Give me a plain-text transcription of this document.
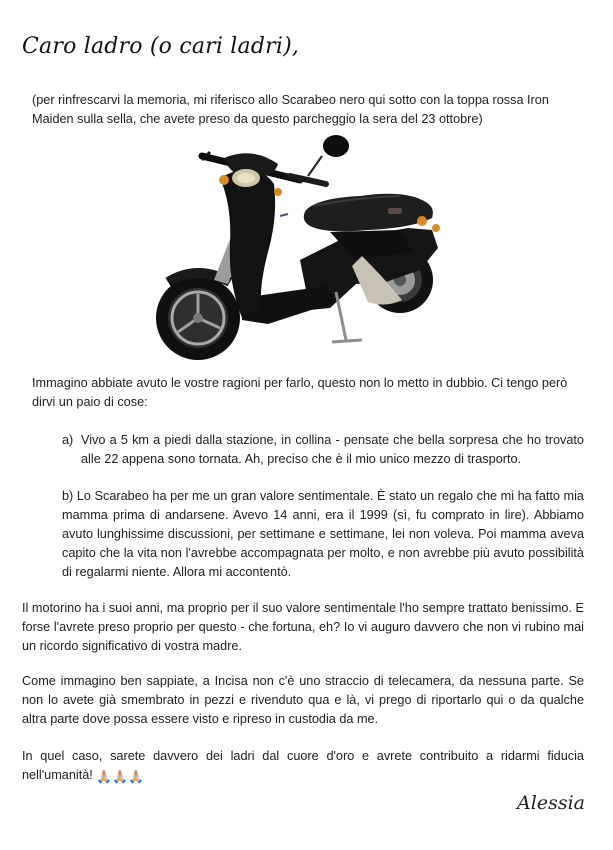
Caro ladro (o cari ladri),
(per rinfrescarvi la memoria, mi riferisco allo Scarabeo nero qui sotto con la toppa rossa Iron Maiden sulla sella, che avete preso da questo parcheggio la sera del 23 ottobre)
Immagino abbiate avuto le vostre ragioni per farlo, questo non lo metto in dubbio. Ci tengo però dirvi un paio di cose:
a) Vivo a 5 km a piedi dalla stazione, in collina - pensate che bella sorpresa che ho trovato alle 22 appena sono tornata. Ah, preciso che è il mio unico mezzo di trasporto.
b) Lo Scarabeo ha per me un gran valore sentimentale. È stato un regalo che mi ha fatto mia mamma prima di andarsene. Avevo 14 anni, era il 1999 (sì, fu comprato in lire). Abbiamo avuto lunghissime discussioni, per settimane e settimane, lei non voleva. Poi mamma aveva capito che la vita non l'avrebbe accompagnata per molto, e non avrebbe più avuto possibilità di regalarmi niente. Allora mi accontentò.
Il motorino ha i suoi anni, ma proprio per il suo valore sentimentale l'ho sempre trattato benissimo. E forse l'avrete preso proprio per questo - che fortuna, eh? Io vi auguro davvero che non vi rubino mai un ricordo significativo di vostra madre.
Come immagino ben sappiate, a Incisa non c'è uno straccio di telecamera, da nessuna parte. Se non lo avete già smembrato in pezzi e rivenduto qua e là, vi prego di riportarlo qui o da qualche altra parte dove possa essere visto e ripreso in custodia da me.
In quel caso, sarete davvero dei ladri dal cuore d'oro e avrete contribuito a ridarmi fiducia nell'umanità! 🙏🏼🙏🏼🙏🏼
Alessia
